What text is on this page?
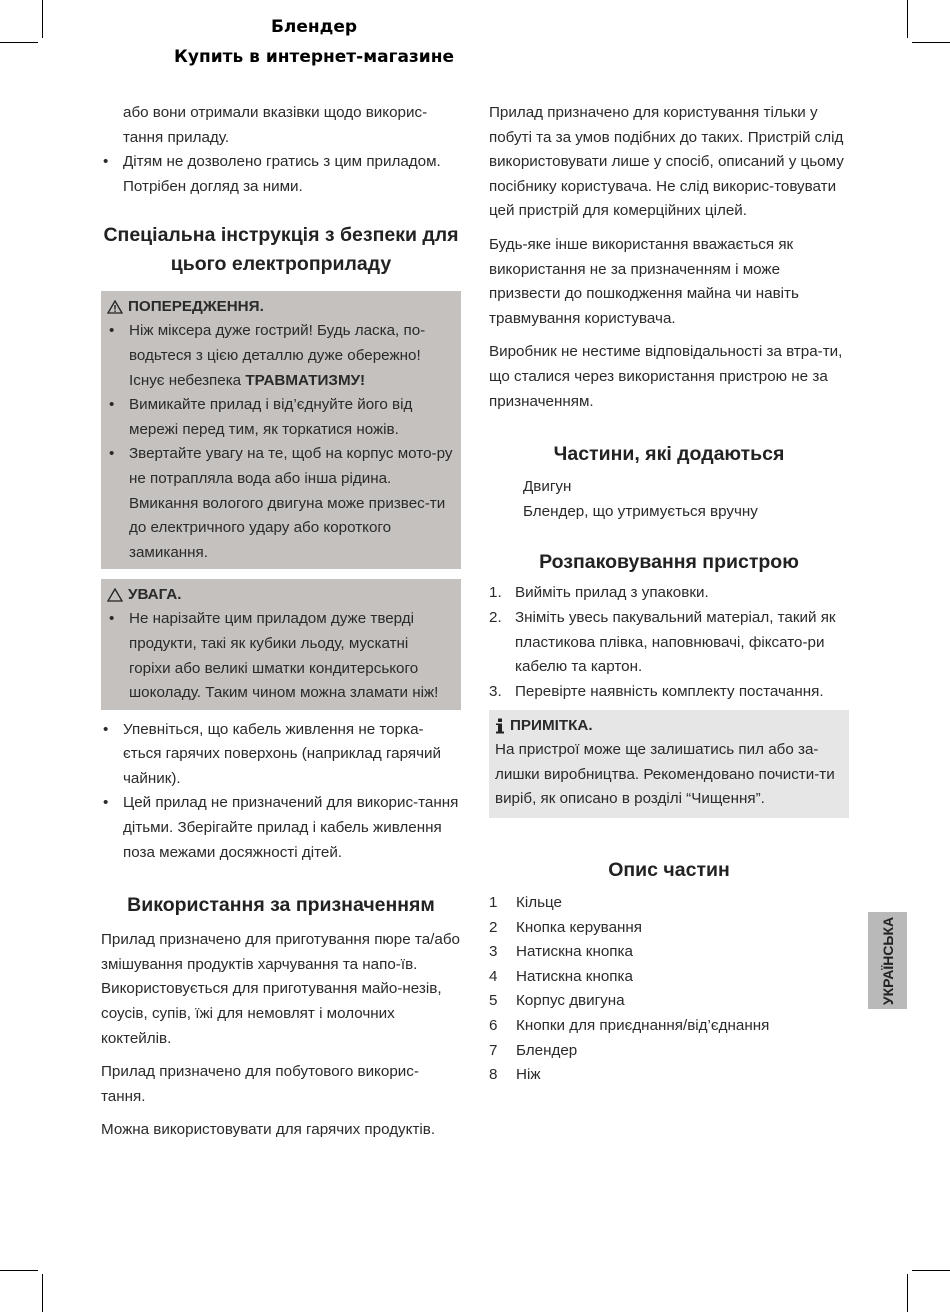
Блендер
Купить в интернет-магазине

або вони отримали вказівки щодо викорис-тання приладу.

• Дітям не дозволено гратись з цим приладом. Потрібен догляд за ними.
Спеціальна інструкція з безпеки для цього електроприладу
ПОПЕРЕДЖЕННЯ.
• Ніж міксера дуже гострий! Будь ласка, по-водьтеся з цією деталлю дуже обережно! Існує небезпека ТРАВМАТИЗМУ!
• Вимикайте прилад і від’єднуйте його від мережі перед тим, як торкатися ножів.
• Звертайте увагу на те, щоб на корпус мото-ру не потрапляла вода або інша рідина. Вмикання вологого двигуна може призвес-ти до електричного удару або короткого замикання.
УВАГА.
• Не нарізайте цим приладом дуже тверді продукти, такі як кубики льоду, мускатні горіхи або великі шматки кондитерського шоколаду. Таким чином можна зламати ніж!
• Упевніться, що кабель живлення не торка-ється гарячих поверхонь (наприклад гарячий чайник).
• Цей прилад не призначений для викорис-тання дітьми. Зберігайте прилад і кабель живлення поза межами досяжності дітей.
Використання за призначенням

Прилад призначено для приготування пюре та/або змішування продуктів харчування та напо-їв. Використовується для приготування майо-незів, соусів, супів, їжі для немовлят і молочних коктейлів.

Прилад призначено для побутового викорис-тання.

Можна використовувати для гарячих продуктів.

Прилад призначено для користування тільки у побуті та за умов подібних до таких. Пристрій слід використовувати лише у спосіб, описаний у цьому посібнику користувача. Не слід викорис-товувати цей пристрій для комерційних цілей.

Будь-яке інше використання вважається як використання не за призначенням і може призвести до пошкодження майна чи навіть травмування користувача.

Виробник не нестиме відповідальності за втра-ти, що сталися через використання пристрою не за призначенням.

Частини, які додаються
Двигун
Блендер, що утримується вручну
Розпаковування пристрою
1. Вийміть прилад з упаковки.
2. Зніміть увесь пакувальний матеріал, такий як пластикова плівка, наповнювачі, фіксато-ри кабелю та картон.
3. Перевірте наявність комплекту постачання.
ПРИМІТКА.
На пристрої може ще залишатись пил або за-лишки виробництва. Рекомендовано почисти-ти виріб, як описано в розділі “Чищення”.
Опис частин
1	Кільце
2	Кнопка керування
3	Натискна кнопка
4	Натискна кнопка
5	Корпус двигуна
6	Кнопки для приєднання/від’єднання
7	Блендер
8	Ніж
УКРАЇНСЬКА
